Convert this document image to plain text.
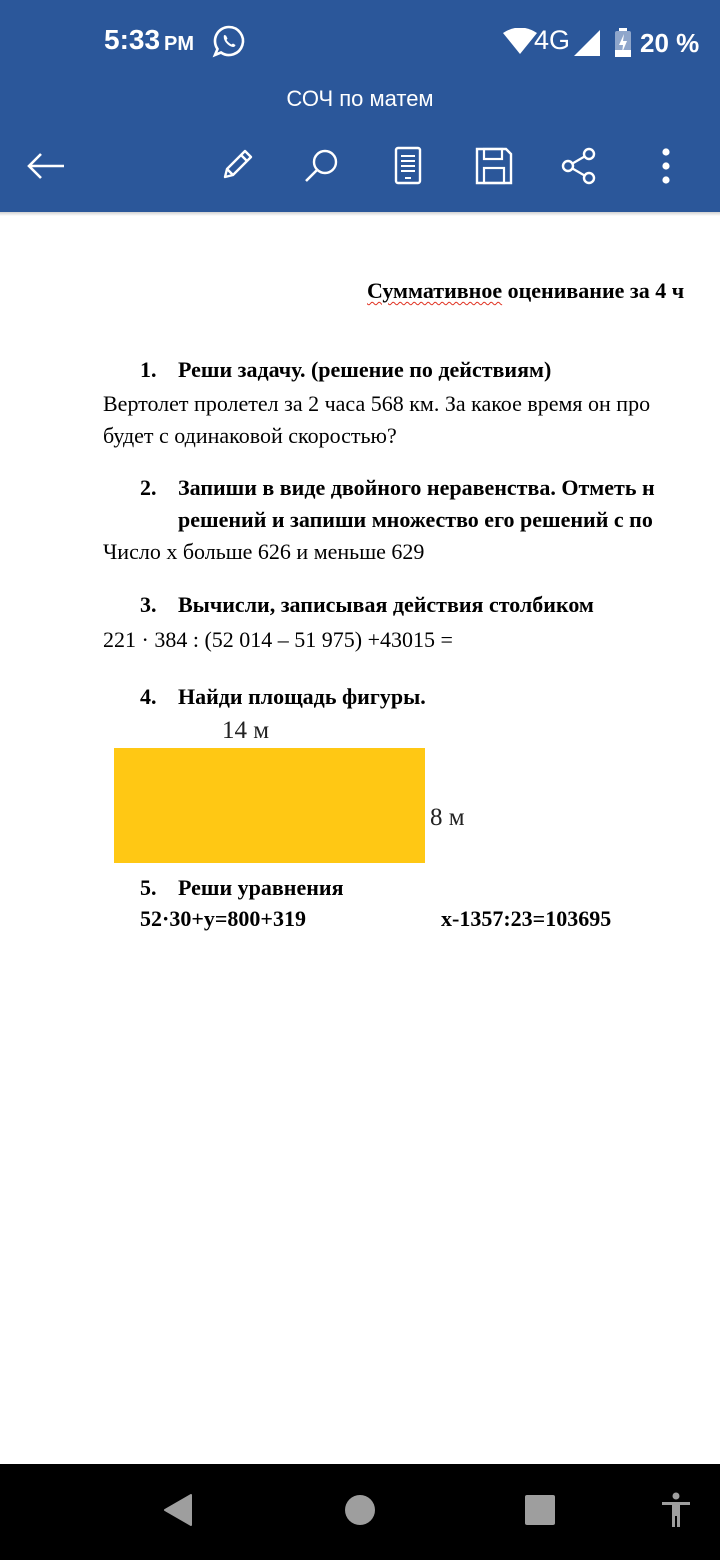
5:33 PM	4G	20 %
СОЧ по матем
Суммативное оценивание за 4 ч
1. Реши задачу. (решение по действиям)
Вертолет пролетел за 2 часа 568 км. За какое время он про
будет с одинаковой скоростью?
2. Запиши в виде двойного неравенства. Отметь н
решений и запиши множество его решений с по
Число х больше 626 и меньше 629
3. Вычисли, записывая действия столбиком
221 · 384 : (52 014 – 51 975) +43015 =
4. Найди площадь фигуры.
14 м
8 м
5. Реши уравнения
52·30+у=800+319	х-1357:23=103695
